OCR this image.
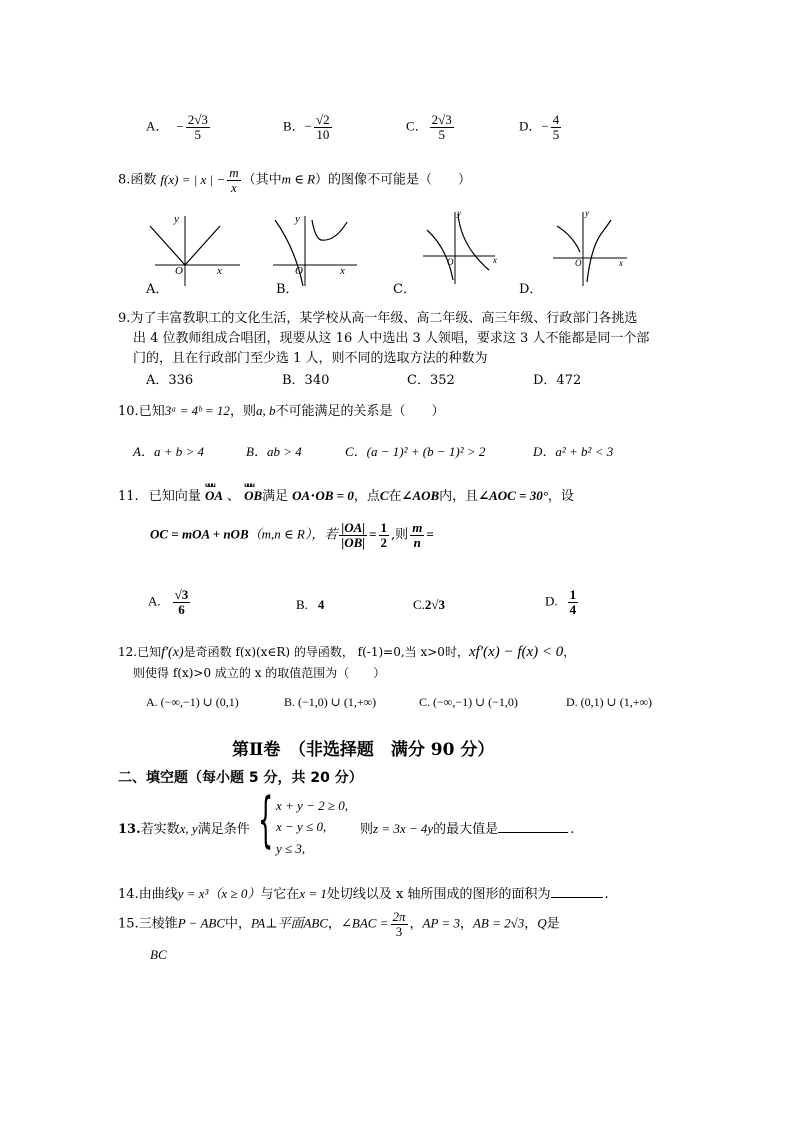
A． − $\frac{2√3}{5}$	B．− $\frac{√2}{10}$	C． $\frac{2√3}{5}$	D．− $\frac{4}{5}$
8.函数 f(x) = | x | − $\frac{m}{x}$ （其中m ∈ R）的图像不可能是（　　）
y
x
O
y
x
O
y
x
O
y
x
O
A．	B．	C．	D．
9.为了丰富教职工的文化生活，某学校从高一年级、高二年级、高三年级、行政部门各挑选
出 4 位教师组成合唱团，现要从这 16 人中选出 3 人领唱，要求这 3 人不能都是同一个部
门的，且在行政部门至少选 1 人，则不同的选取方法的种数为
A．336	B．340	C．352	D．472
10.已知3ᵃ = 4ᵇ = 12，则a, b不可能满足的关系是（　　）
A．a + b > 4	B．ab > 4	C．(a − 1)² + (b − 1)² > 2	D．a² + b² < 3
11. 已知向量 uuu OA 、 uuu OB满足 OA⋅OB = 0，点C在∠AOB内，且∠AOC = 30°，设
OC = mOA + nOB（m,n ∈ R），若 $\frac{|OA|}{|OB|} = \frac{1}{2}$ ,则 $\frac{m}{n}$ =
A. $\frac{√3}{6}$	B. 4	C.2√3	D. $\frac{1}{4}$
12.已知f′(x)是奇函数 f(x)(x∈R) 的导函数， f(-1)=0,当 x>0时，xf′(x) − f(x) < 0，
则使得 f(x)>0 成立的 x 的取值范围为（　　）
A. (−∞,−1) ∪ (0,1)	B. (−1,0) ∪ (1,+∞)	C. (−∞,−1) ∪ (−1,0)	D. (0,1) ∪ (1,+∞)
第Ⅱ卷　（非选择题　满分 90 分）
二、填空题（每小题 5 分，共 20 分）
13.若实数x, y满足条件 { x + y − 2 ≥ 0,
x − y ≤ 0,
y ≤ 3,
则z = 3x − 4y的最大值是	.
14.由曲线y = x³（x ≥ 0）与它在x = 1处切线以及 x 轴所围成的图形的面积为	.
15.三棱锥P − ABC中，PA⊥平面ABC，∠BAC = $\frac{2\pi}{3}$ ，AP = 3，AB = 2√3，Q是
BC
